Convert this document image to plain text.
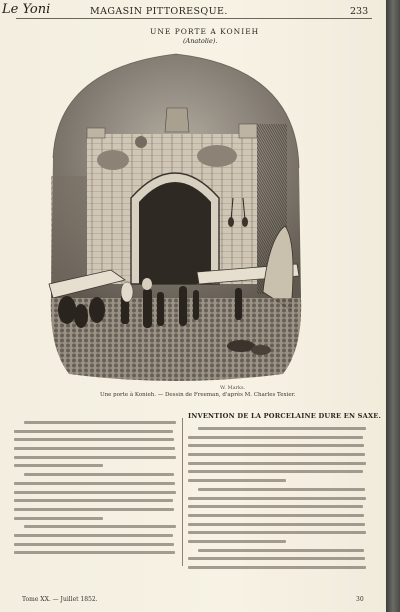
Le Yoni	MAGASIN PITTORESQUE.	233
UNE PORTE A KONIEH
(Anatolie).
W. Marks.
Une porte à Konieh. — Dessin de Freeman, d'après M. Charles Texier.
INVENTION DE LA PORCELAINE DURE EN SAXE.
Tome XX. — Juillet 1852.	30
